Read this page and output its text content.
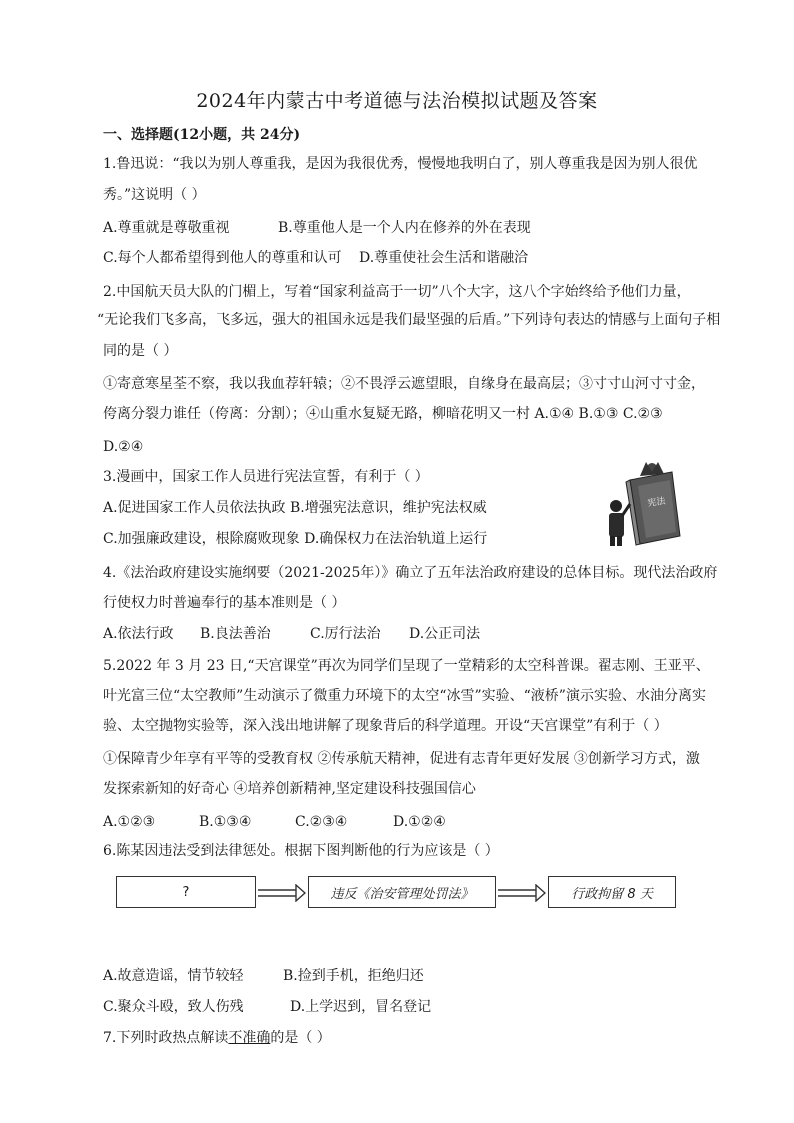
2024年内蒙古中考道德与法治模拟试题及答案
一、选择题(12小题，共 24分)
1.鲁迅说：“我以为别人尊重我，是因为我很优秀，慢慢地我明白了，别人尊重我是因为别人很优
秀。”这说明（ ）
A.尊重就是尊敬重视	B.尊重他人是一个人内在修养的外在表现
C.每个人都希望得到他人的尊重和认可 D.尊重使社会生活和谐融洽
2.中国航天员大队的门楣上，写着“国家利益高于一切”八个大字，这八个字始终给予他们力量，
“无论我们飞多高，飞多远，强大的祖国永远是我们最坚强的后盾。”下列诗句表达的情感与上面句子相
同的是（ ）
①寄意寒星荃不察，我以我血荐轩辕；②不畏浮云遮望眼，自缘身在最高层；③寸寸山河寸寸金，
侉离分裂力谁任（侉离：分割）；④山重水复疑无路，柳暗花明又一村 A.①④ B.①③ C.②③
D.②④
3.漫画中，国家工作人员进行宪法宣誓，有利于（ ）
A.促进国家工作人员依法执政 B.增强宪法意识，维护宪法权威
C.加强廉政建设，根除腐败现象 D.确保权力在法治轨道上运行
宪法
4.《法治政府建设实施纲要（2021-2025年）》确立了五年法治政府建设的总体目标。现代法治政府
行使权力时普遍奉行的基本准则是（ ）
A.依法行政 B.良法善治	C.厉行法治 D.公正司法
5.2022 年 3 月 23 日,“天宫课堂”再次为同学们呈现了一堂精彩的太空科普课。翟志刚、王亚平、
叶光富三位“太空教师”生动演示了微重力环境下的太空“冰雪”实验、“液桥”演示实验、水油分离实
验、太空抛物实验等，深入浅出地讲解了现象背后的科学道理。开设“天宫课堂”有利于（ ）
①保障青少年享有平等的受教育权 ②传承航天精神，促进有志青年更好发展 ③创新学习方式，激
发探索新知的好奇心 ④培养创新精神,坚定建设科技强国信心
A.①②③	B.①③④	C.②③④	D.①②④
6.陈某因违法受到法律惩处。根据下图判断他的行为应该是（ ）
?	违反《治安管理处罚法》	行政拘留 8 天
A.故意造谣，情节较轻	B.捡到手机，拒绝归还
C.聚众斗殴，致人伤残	D.上学迟到，冒名登记
7.下列时政热点解读不准确的是（ ）
